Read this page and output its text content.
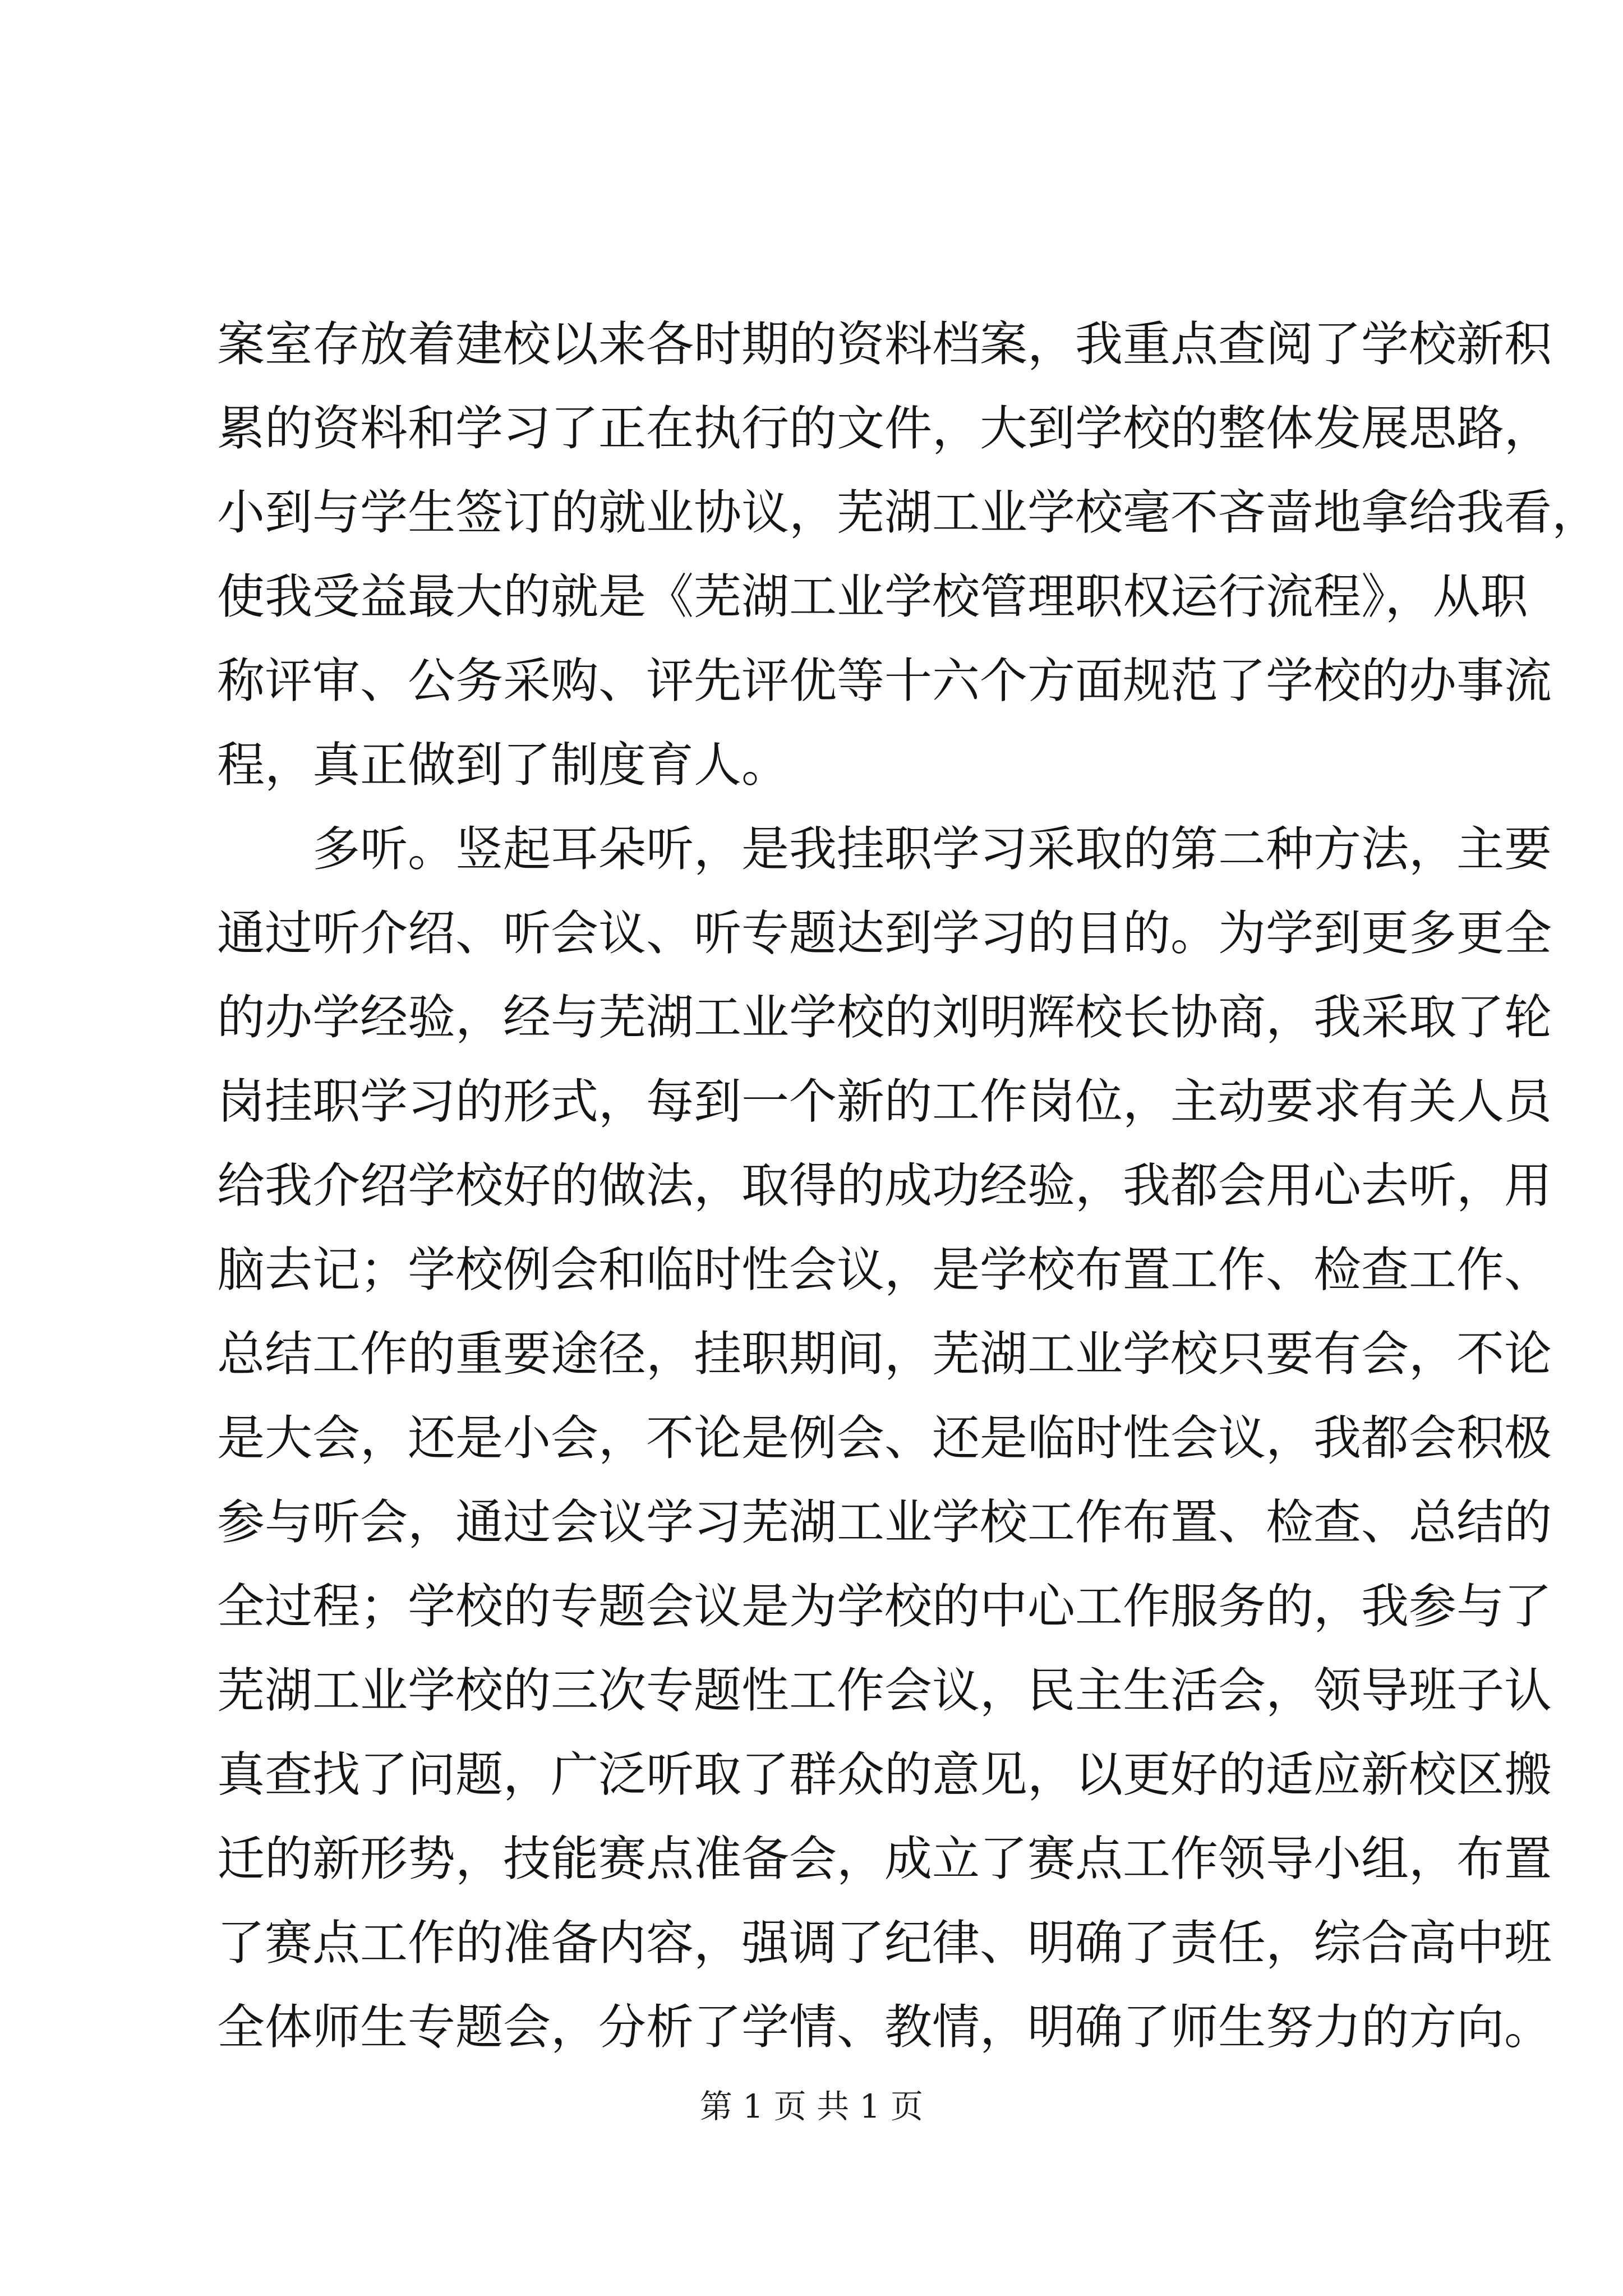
案室存放着建校以来各时期的资料档案，我重点查阅了学校新积
累的资料和学习了正在执行的文件，大到学校的整体发展思路，
小到与学生签订的就业协议，芜湖工业学校毫不吝啬地拿给我看，
使我受益最大的就是《芜湖工业学校管理职权运行流程》，从职
称评审、公务采购、评先评优等十六个方面规范了学校的办事流
程，真正做到了制度育人。
多听。竖起耳朵听，是我挂职学习采取的第二种方法，主要
通过听介绍、听会议、听专题达到学习的目的。为学到更多更全
的办学经验，经与芜湖工业学校的刘明辉校长协商，我采取了轮
岗挂职学习的形式，每到一个新的工作岗位，主动要求有关人员
给我介绍学校好的做法，取得的成功经验，我都会用心去听，用
脑去记；学校例会和临时性会议，是学校布置工作、检查工作、
总结工作的重要途径，挂职期间，芜湖工业学校只要有会，不论
是大会，还是小会，不论是例会、还是临时性会议，我都会积极
参与听会，通过会议学习芜湖工业学校工作布置、检查、总结的
全过程；学校的专题会议是为学校的中心工作服务的，我参与了
芜湖工业学校的三次专题性工作会议，民主生活会，领导班子认
真查找了问题，广泛听取了群众的意见，以更好的适应新校区搬
迁的新形势，技能赛点准备会，成立了赛点工作领导小组，布置
了赛点工作的准备内容，强调了纪律、明确了责任，综合高中班
全体师生专题会，分析了学情、教情，明确了师生努力的方向。
第 1 页 共 1 页
